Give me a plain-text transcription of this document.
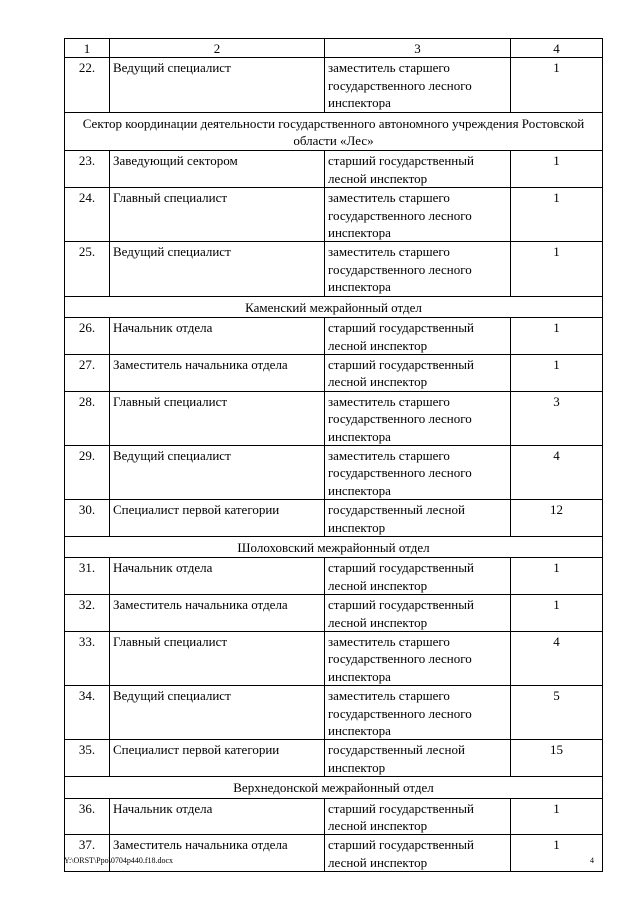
1	2	3	4
22.	Ведущий специалист	заместитель старшего государственного лесного инспектора	1
Сектор координации деятельности государственного автономного учреждения Ростовской области «Лес»			
23.	Заведующий сектором	старший государственный лесной инспектор	1
24.	Главный специалист	заместитель старшего государственного лесного инспектора	1
25.	Ведущий специалист	заместитель старшего государственного лесного инспектора	1
Каменский межрайонный отдел			
26.	Начальник отдела	старший государственный лесной инспектор	1
27.	Заместитель начальника отдела	старший государственный лесной инспектор	1
28.	Главный специалист	заместитель старшего государственного лесного инспектора	3
29.	Ведущий специалист	заместитель старшего государственного лесного инспектора	4
30.	Специалист первой категории	государственный лесной инспектор	12
Шолоховский межрайонный отдел			
31.	Начальник отдела	старший государственный лесной инспектор	1
32.	Заместитель начальника отдела	старший государственный лесной инспектор	1
33.	Главный специалист	заместитель старшего государственного лесного инспектора	4
34.	Ведущий специалист	заместитель старшего государственного лесного инспектора	5
35.	Специалист первой категории	государственный лесной инспектор	15
Верхнедонской межрайонный отдел			
36.	Начальник отдела	старший государственный лесной инспектор	1
37.	Заместитель начальника отдела	старший государственный лесной инспектор	1
Y:\ORST\Ppo\0704p440.f18.docx	4
